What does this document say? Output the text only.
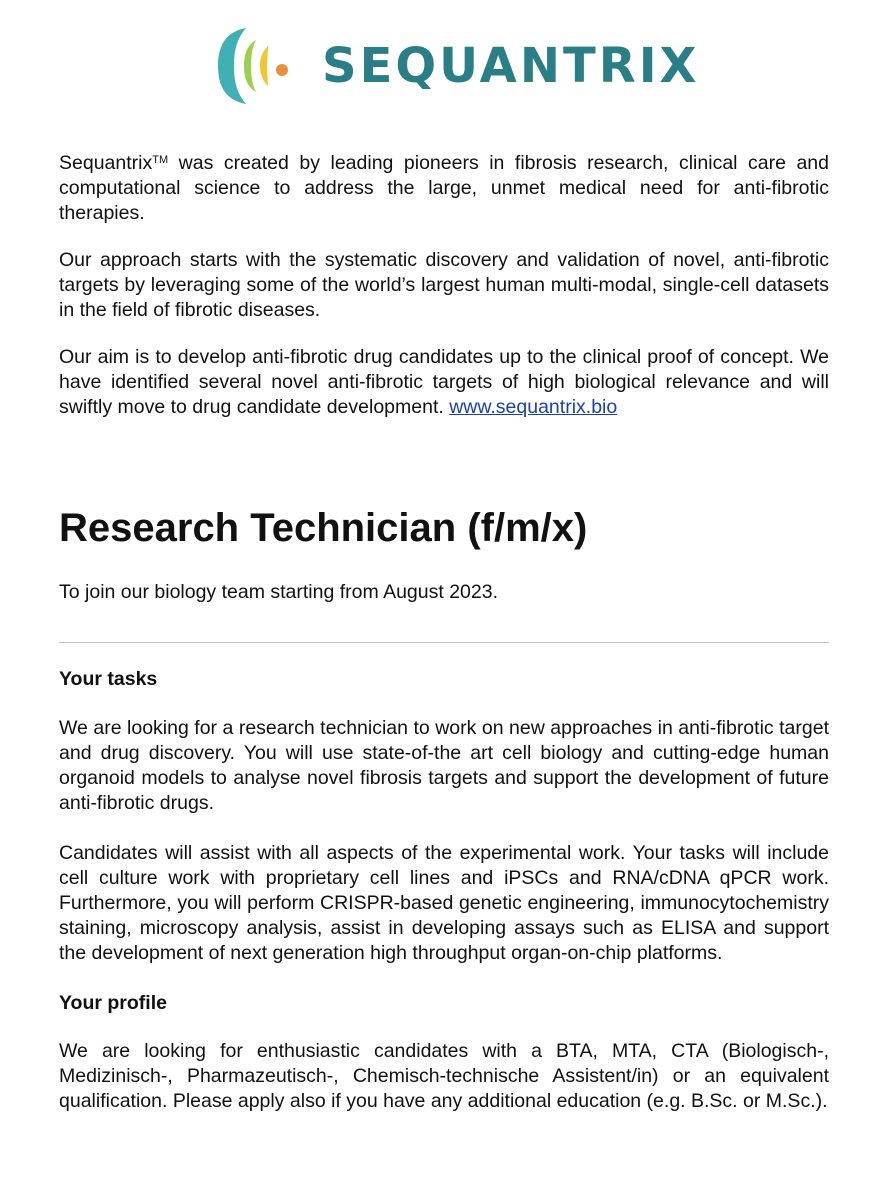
SEQUANTRIX

Sequantrix™ was created by leading pioneers in fibrosis research, clinical care and computational science to address the large, unmet medical need for anti-fibrotic therapies.

Our approach starts with the systematic discovery and validation of novel, anti-fibrotic targets by leveraging some of the world’s largest human multi-modal, single-cell datasets in the field of fibrotic diseases.

Our aim is to develop anti-fibrotic drug candidates up to the clinical proof of concept. We have identified several novel anti-fibrotic targets of high biological relevance and will swiftly move to drug candidate development. www.sequantrix.bio

Research Technician (f/m/x)

To join our biology team starting from August 2023.

Your tasks

We are looking for a research technician to work on new approaches in anti-fibrotic target and drug discovery. You will use state-of-the art cell biology and cutting-edge human organoid models to analyse novel fibrosis targets and support the development of future anti-fibrotic drugs.

Candidates will assist with all aspects of the experimental work. Your tasks will include cell culture work with proprietary cell lines and iPSCs and RNA/cDNA qPCR work. Furthermore, you will perform CRISPR-based genetic engineering, immunocytochemistry staining, microscopy analysis, assist in developing assays such as ELISA and support the development of next generation high throughput organ-on-chip platforms.

Your profile

We are looking for enthusiastic candidates with a BTA, MTA, CTA (Biologisch-, Medizinisch-, Pharmazeutisch-, Chemisch-technische Assistent/in) or an equivalent qualification. Please apply also if you have any additional education (e.g. B.Sc. or M.Sc.).
